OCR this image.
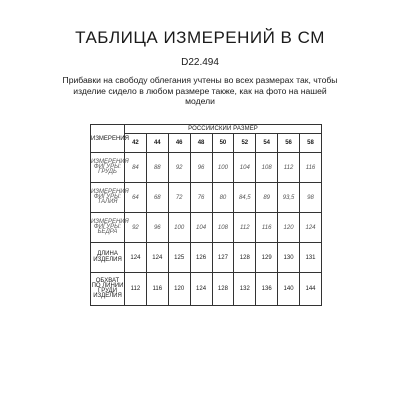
ТАБЛИЦА ИЗМЕРЕНИЙ В СМ
D22.494
Прибавки на свободу облегания учтены во всех размерах так, чтобы изделие сидело в любом размере также, как на фото на нашей модели
ИЗМЕРЕНИЯ	РОССИЙСКИЙ РАЗМЕР								
	42	44	46	48	50	52	54	56	58
ИЗМЕРЕНИЯ ФИГУРЫ: ГРУДЬ	84	88	92	96	100	104	108	112	116
ИЗМЕРЕНИЯ ФИГУРЫ: ТАЛИЯ	64	68	72	76	80	84,5	89	93,5	98
ИЗМЕРЕНИЯ ФИГУРЫ: БЕДРА	92	96	100	104	108	112	116	120	124
ДЛИНА ИЗДЕЛИЯ	124	124	125	126	127	128	129	130	131
ОБХВАТ ПО ЛИНИИ ГРУДИ ИЗДЕЛИЯ	112	116	120	124	128	132	136	140	144
